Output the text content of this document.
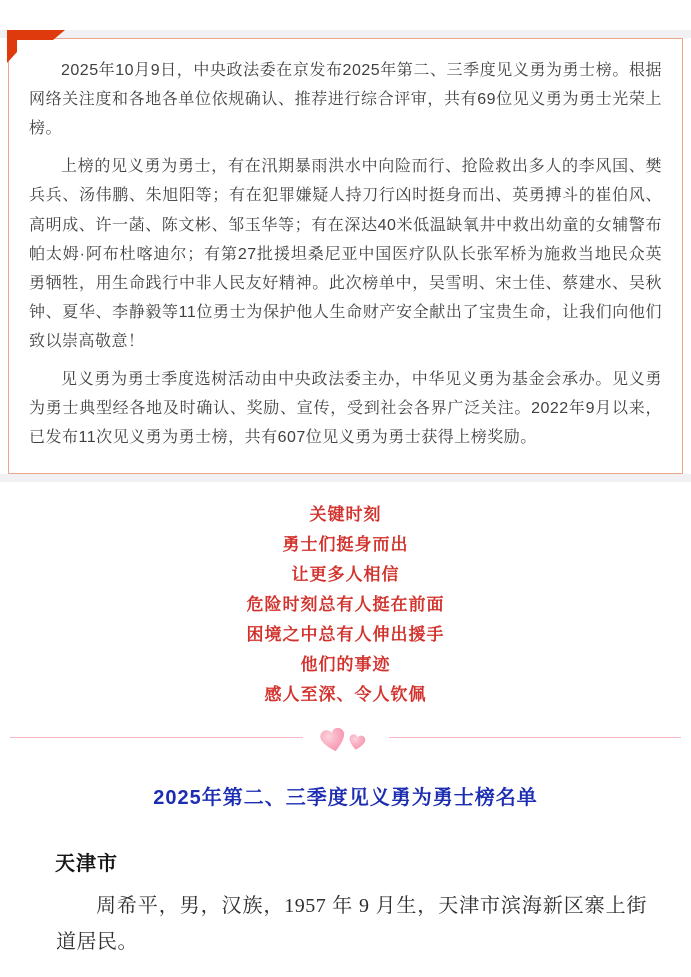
2025年10月9日，中央政法委在京发布2025年第二、三季度见义勇为勇士榜。根据网络关注度和各地各单位依规确认、推荐进行综合评审，共有69位见义勇为勇士光荣上榜。

上榜的见义勇为勇士，有在汛期暴雨洪水中向险而行、抢险救出多人的李风国、樊兵兵、汤伟鹏、朱旭阳等；有在犯罪嫌疑人持刀行凶时挺身而出、英勇搏斗的崔伯风、高明成、许一菡、陈文彬、邹玉华等；有在深达40米低温缺氧井中救出幼童的女辅警布帕太姆·阿布杜喀迪尔；有第27批援坦桑尼亚中国医疗队队长张军桥为施救当地民众英勇牺牲，用生命践行中非人民友好精神。此次榜单中，吴雪明、宋士佳、蔡建水、吴秋钟、夏华、李静毅等11位勇士为保护他人生命财产安全献出了宝贵生命，让我们向他们致以崇高敬意！

见义勇为勇士季度选树活动由中央政法委主办，中华见义勇为基金会承办。见义勇为勇士典型经各地及时确认、奖励、宣传，受到社会各界广泛关注。2022年9月以来，已发布11次见义勇为勇士榜，共有607位见义勇为勇士获得上榜奖励。

关键时刻
勇士们挺身而出
让更多人相信
危险时刻总有人挺在前面
困境之中总有人伸出援手
他们的事迹
感人至深、令人钦佩
2025年第二、三季度见义勇为勇士榜名单
天津市

周希平，男，汉族，1957 年 9 月生，天津市滨海新区寨上街道居民。
